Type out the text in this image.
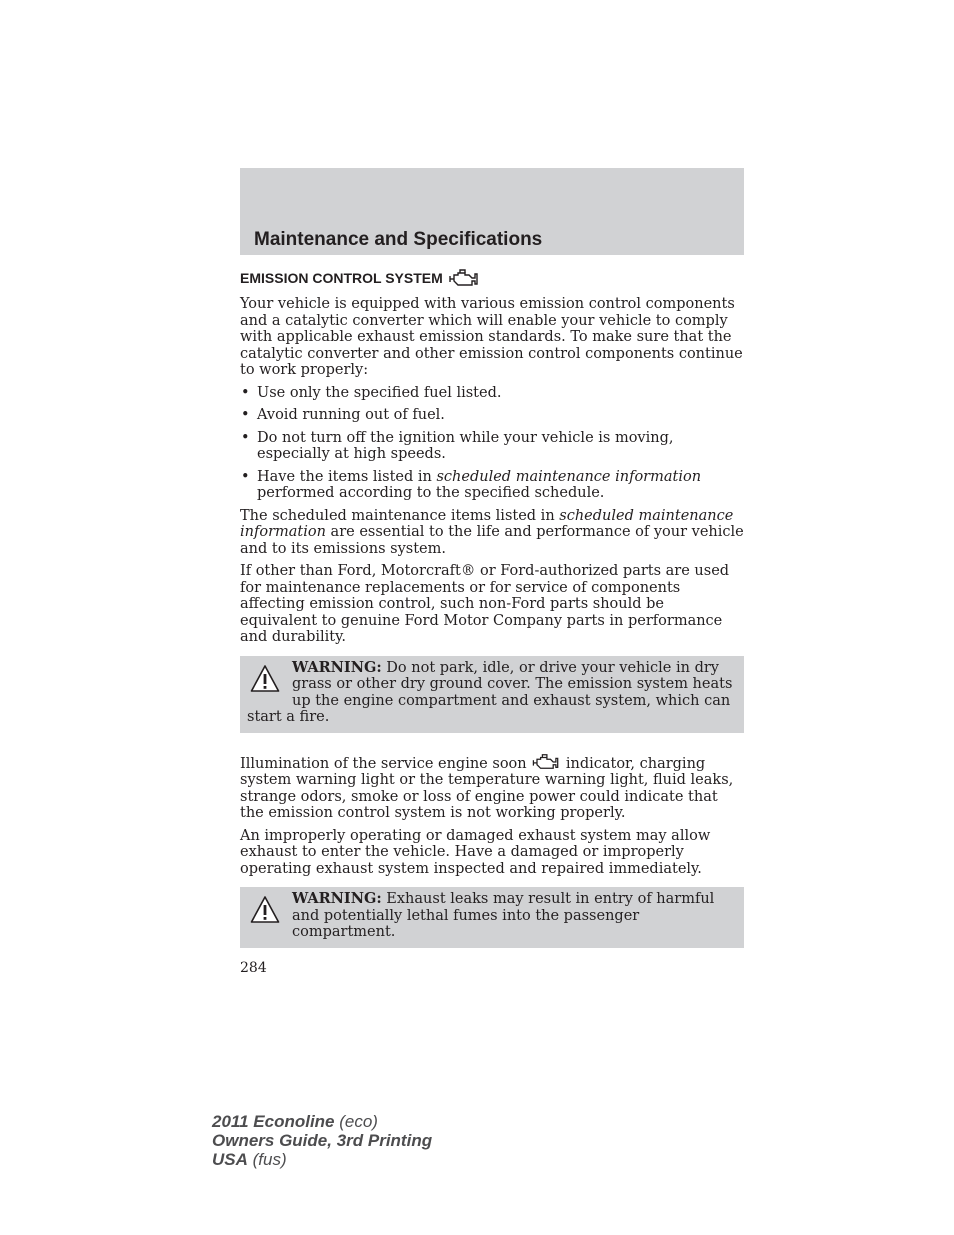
Maintenance and Specifications
EMISSION CONTROL SYSTEM

Your vehicle is equipped with various emission control components and a catalytic converter which will enable your vehicle to comply with applicable exhaust emission standards. To make sure that the catalytic converter and other emission control components continue to work properly:

• Use only the specified fuel listed.
• Avoid running out of fuel.
• Do not turn off the ignition while your vehicle is moving, especially at high speeds.
• Have the items listed in scheduled maintenance information performed according to the specified schedule.

The scheduled maintenance items listed in scheduled maintenance information are essential to the life and performance of your vehicle and to its emissions system.

If other than Ford, Motorcraft® or Ford-authorized parts are used for maintenance replacements or for service of components affecting emission control, such non-Ford parts should be equivalent to genuine Ford Motor Company parts in performance and durability.

WARNING: Do not park, idle, or drive your vehicle in dry grass or other dry ground cover. The emission system heats up the engine compartment and exhaust system, which can start a fire.

Illumination of the service engine soon  indicator, charging system warning light or the temperature warning light, fluid leaks, strange odors, smoke or loss of engine power could indicate that the emission control system is not working properly.

An improperly operating or damaged exhaust system may allow exhaust to enter the vehicle. Have a damaged or improperly operating exhaust system inspected and repaired immediately.

WARNING: Exhaust leaks may result in entry of harmful and potentially lethal fumes into the passenger compartment.
284
2011 Econoline (eco)
Owners Guide, 3rd Printing
USA (fus)
